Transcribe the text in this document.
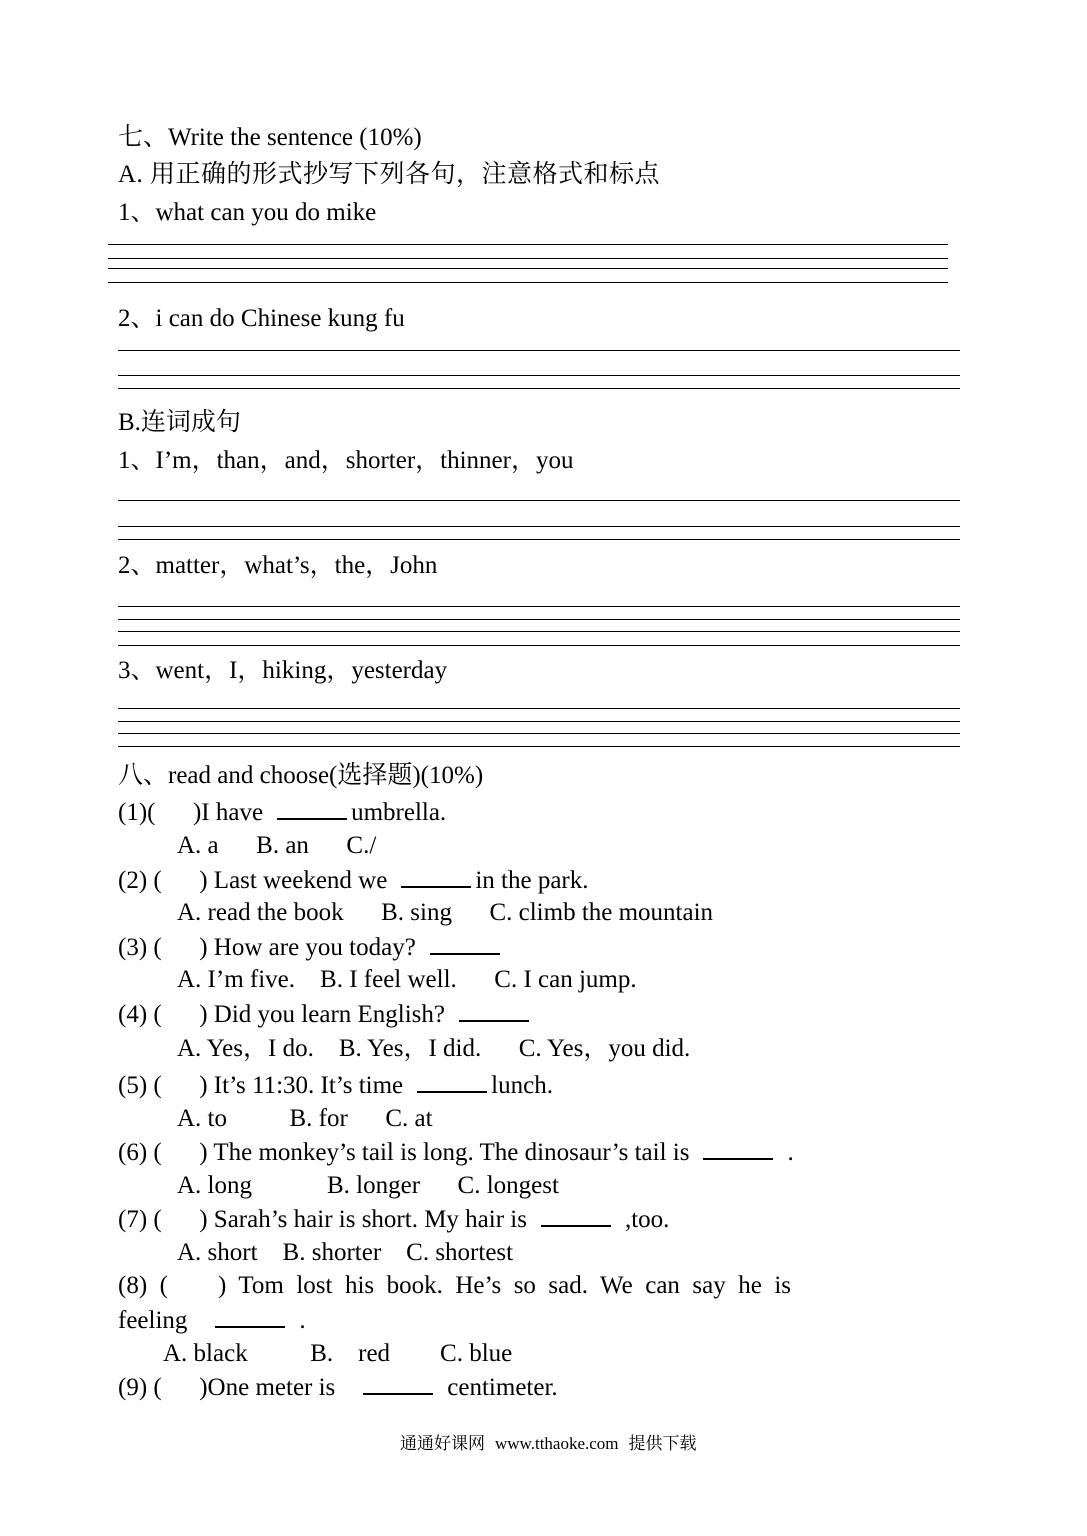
七、Write the sentence (10%)
A. 用正确的形式抄写下列各句，注意格式和标点
1、what can you do mike
2、i can do Chinese kung fu
B.连词成句
1、I’m，than，and，shorter，thinner，you
2、matter，what’s，the，John
3、went，I，hiking，yesterday
八、read and choose(选择题)(10%)
(1)(      )I have	umbrella.
A. a      B. an      C./
(2) (      ) Last weekend we	in the park.
A. read the book      B. sing      C. climb the mountain
(3) (      ) How are you today?
A. I’m five.    B. I feel well.      C. I can jump.
(4) (      ) Did you learn English?
A. Yes，I do.    B. Yes，I did.      C. Yes，you did.
(5) (      ) It’s 11:30. It’s time	lunch.
A. to          B. for      C. at
(6) (      ) The monkey’s tail is long. The dinosaur’s tail is	.
A. long            B. longer      C. longest
(7) (      ) Sarah’s hair is short. My hair is	,too.
A. short    B. shorter    C. shortest
(8)  (        )  Tom  lost  his  book.  He’s  so  sad.  We  can  say  he  is
feeling	.
A. black          B.    red        C. blue
(9) (      )One meter is	centimeter.

通通好课网 www.tthaoke.com 提供下载
